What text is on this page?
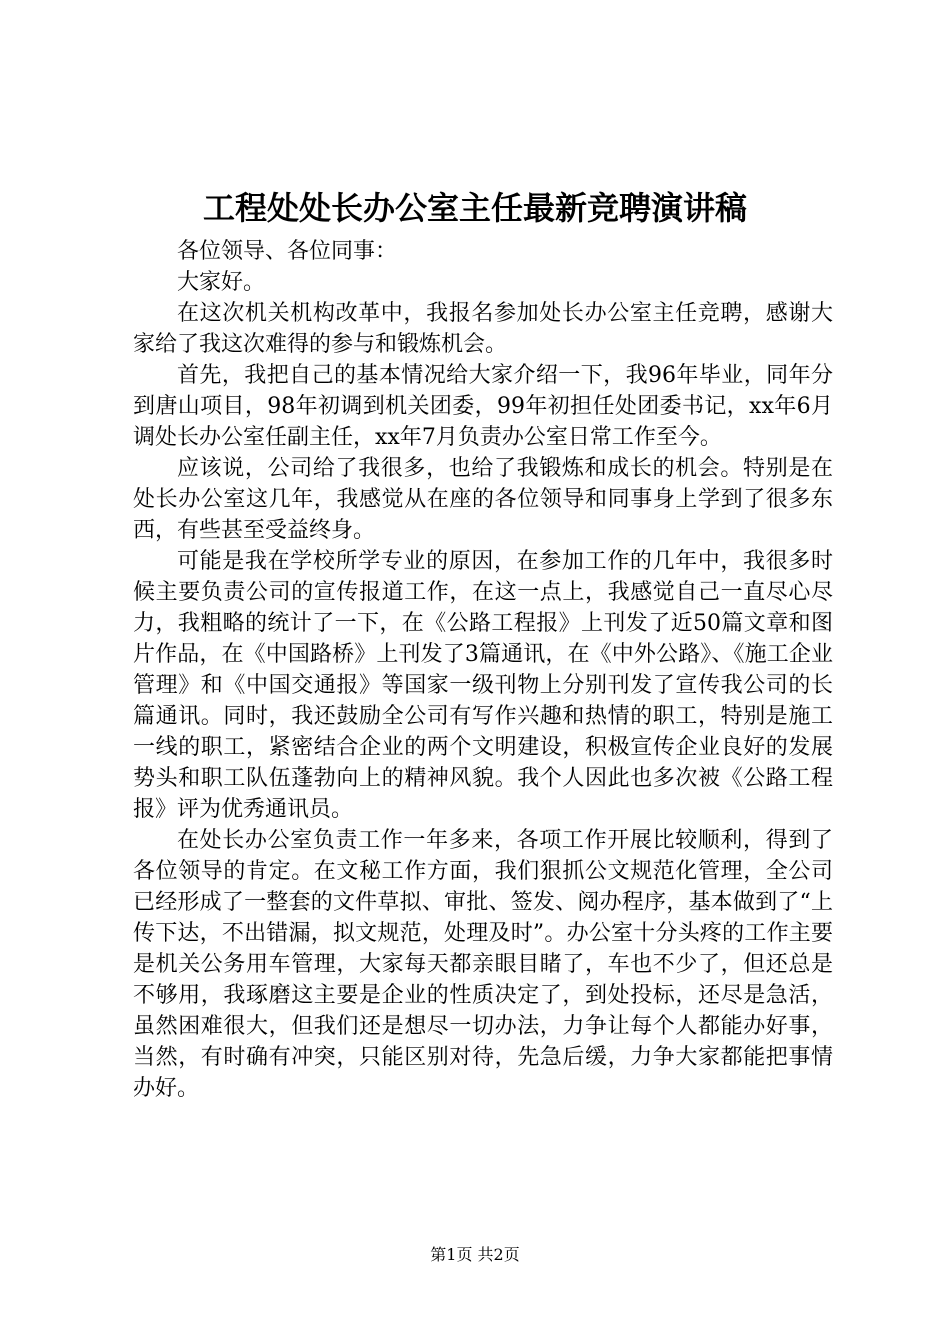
工程处处长办公室主任最新竞聘演讲稿

各位领导、各位同事：

大家好。

在这次机关机构改革中，我报名参加处长办公室主任竞聘，感谢大家给了我这次难得的参与和锻炼机会。

首先，我把自己的基本情况给大家介绍一下，我96年毕业，同年分到唐山项目，98年初调到机关团委，99年初担任处团委书记，xx年6月调处长办公室任副主任，xx年7月负责办公室日常工作至今。

应该说，公司给了我很多，也给了我锻炼和成长的机会。特别是在处长办公室这几年，我感觉从在座的各位领导和同事身上学到了很多东西，有些甚至受益终身。

可能是我在学校所学专业的原因，在参加工作的几年中，我很多时候主要负责公司的宣传报道工作，在这一点上，我感觉自己一直尽心尽力，我粗略的统计了一下，在《公路工程报》上刊发了近50篇文章和图片作品，在《中国路桥》上刊发了3篇通讯，在《中外公路》、《施工企业管理》和《中国交通报》等国家一级刊物上分别刊发了宣传我公司的长篇通讯。同时，我还鼓励全公司有写作兴趣和热情的职工，特别是施工一线的职工，紧密结合企业的两个文明建设，积极宣传企业良好的发展势头和职工队伍蓬勃向上的精神风貌。我个人因此也多次被《公路工程报》评为优秀通讯员。

在处长办公室负责工作一年多来，各项工作开展比较顺利，得到了各位领导的肯定。在文秘工作方面，我们狠抓公文规范化管理，全公司已经形成了一整套的文件草拟、审批、签发、阅办程序，基本做到了“上传下达，不出错漏，拟文规范，处理及时”。办公室十分头疼的工作主要是机关公务用车管理，大家每天都亲眼目睹了，车也不少了，但还总是不够用，我琢磨这主要是企业的性质决定了，到处投标，还尽是急活，虽然困难很大，但我们还是想尽一切办法，力争让每个人都能办好事，当然，有时确有冲突，只能区别对待，先急后缓，力争大家都能把事情办好。

第1页 共2页
